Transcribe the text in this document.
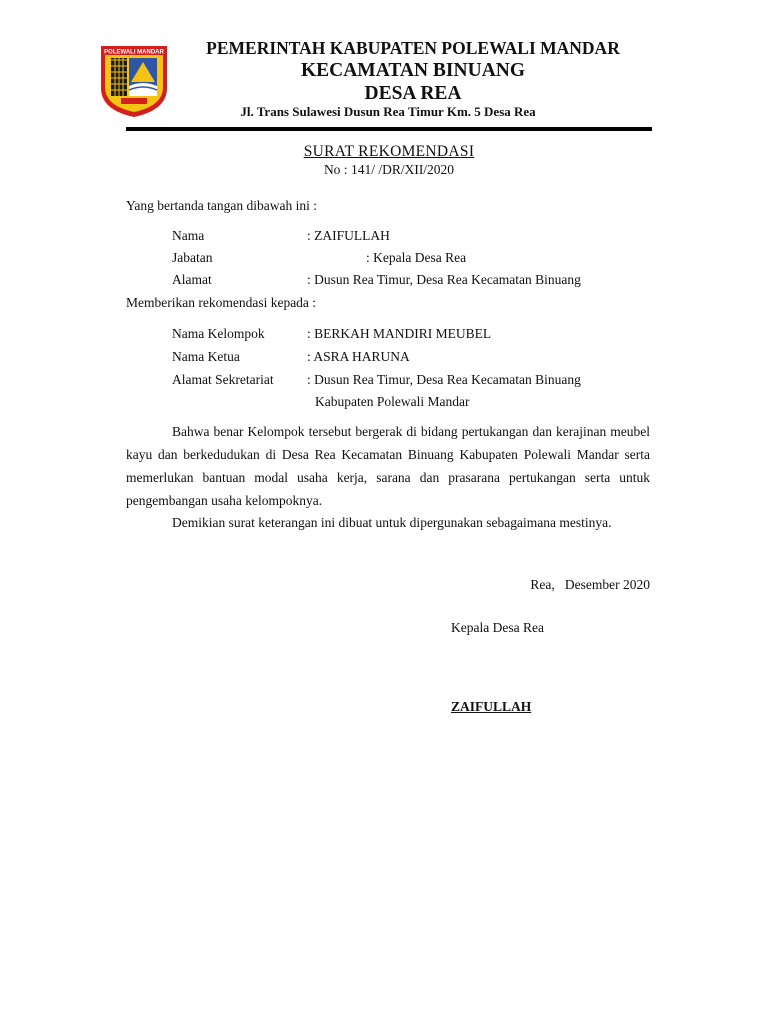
POLEWALI MANDAR	PEMERINTAH KABUPATEN POLEWALI MANDAR
KECAMATAN BINUANG
DESA REA
Jl. Trans Sulawesi Dusun Rea Timur Km. 5 Desa Rea
SURAT REKOMENDASI
No : 141/ /DR/XII/2020
Yang bertanda tangan dibawah ini :
Nama	: ZAIFULLAH
Jabatan	: Kepala Desa Rea
Alamat	: Dusun Rea Timur, Desa Rea Kecamatan Binuang
Memberikan rekomendasi kepada :
Nama Kelompok	: BERKAH MANDIRI MEUBEL
Nama Ketua	: ASRA HARUNA
Alamat Sekretariat : Dusun Rea Timur, Desa Rea Kecamatan Binuang
Kabupaten Polewali Mandar
Bahwa benar Kelompok tersebut bergerak di bidang pertukangan dan kerajinan meubel kayu dan berkedudukan di Desa Rea Kecamatan Binuang Kabupaten Polewali Mandar serta memerlukan bantuan modal usaha kerja, sarana dan prasarana pertukangan serta untuk pengembangan usaha kelompoknya.
Demikian surat keterangan ini dibuat untuk dipergunakan sebagaimana mestinya.
Rea,   Desember 2020
Kepala Desa Rea
ZAIFULLAH
